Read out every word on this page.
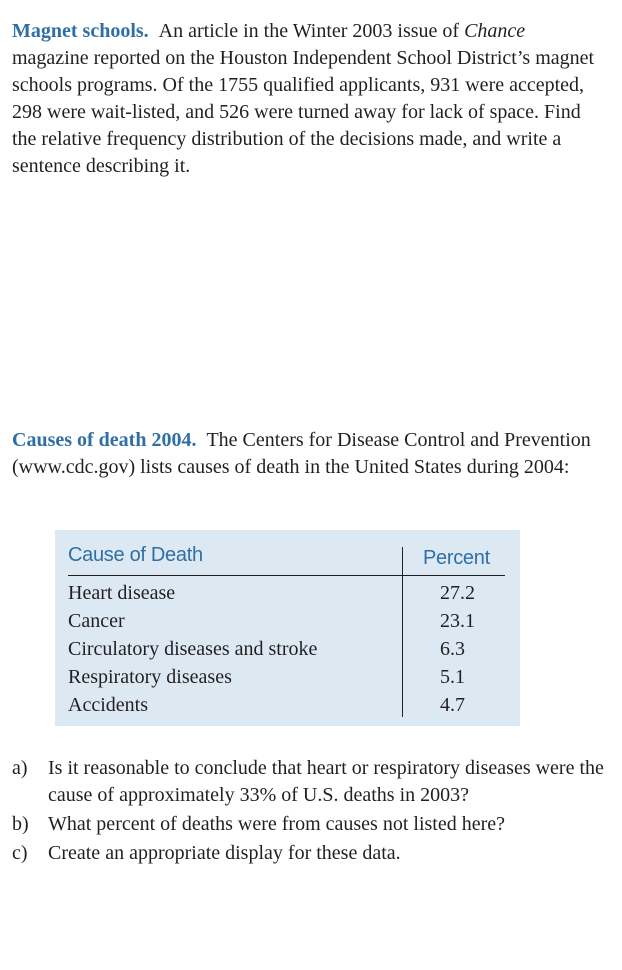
Magnet schools. An article in the Winter 2003 issue of Chance magazine reported on the Houston Independent School District’s magnet schools programs. Of the 1755 qualified applicants, 931 were accepted, 298 were wait-listed, and 526 were turned away for lack of space. Find the relative frequency distribution of the decisions made, and write a sentence describing it.

Causes of death 2004. The Centers for Disease Control and Prevention (www.cdc.gov) lists causes of death in the United States during 2004:

Cause of Death	Percent
Heart disease	27.2
Cancer	23.1
Circulatory diseases and stroke	6.3
Respiratory diseases	5.1
Accidents	4.7
a) Is it reasonable to conclude that heart or respiratory diseases were the cause of approximately 33% of U.S. deaths in 2003?
b) What percent of deaths were from causes not listed here?
c) Create an appropriate display for these data.
